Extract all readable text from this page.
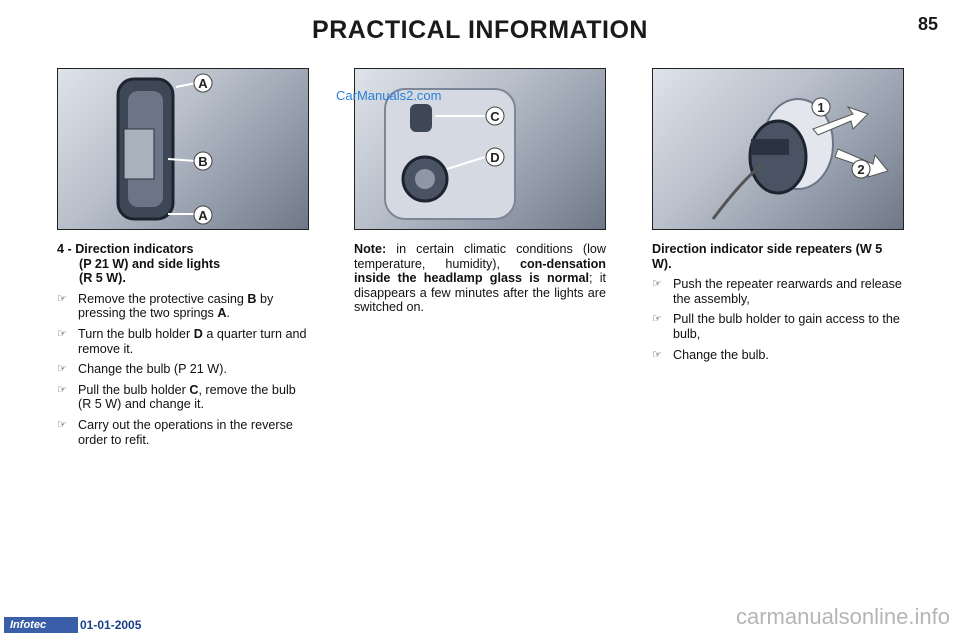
PRACTICAL INFORMATION	85
A
B
A
C
D
1
2
CarManuals2.com
4 - Direction indicators
(P 21 W) and side lights
(R 5 W).
☞ Remove the protective casing B by pressing the two springs A.
☞ Turn the bulb holder D a quarter turn and remove it.
☞ Change the bulb (P 21 W).
☞ Pull the bulb holder C, remove the bulb (R 5 W) and change it.
☞ Carry out the operations in the reverse order to refit.
Note: in certain climatic conditions (low temperature, humidity), con-densation inside the headlamp glass is normal; it disappears a few minutes after the lights are switched on.
Direction indicator side repeaters (W 5 W).
☞ Push the repeater rearwards and release the assembly,
☞ Pull the bulb holder to gain access to the bulb,
☞ Change the bulb.
Infotec	01-01-2005	carmanualsonline.info
